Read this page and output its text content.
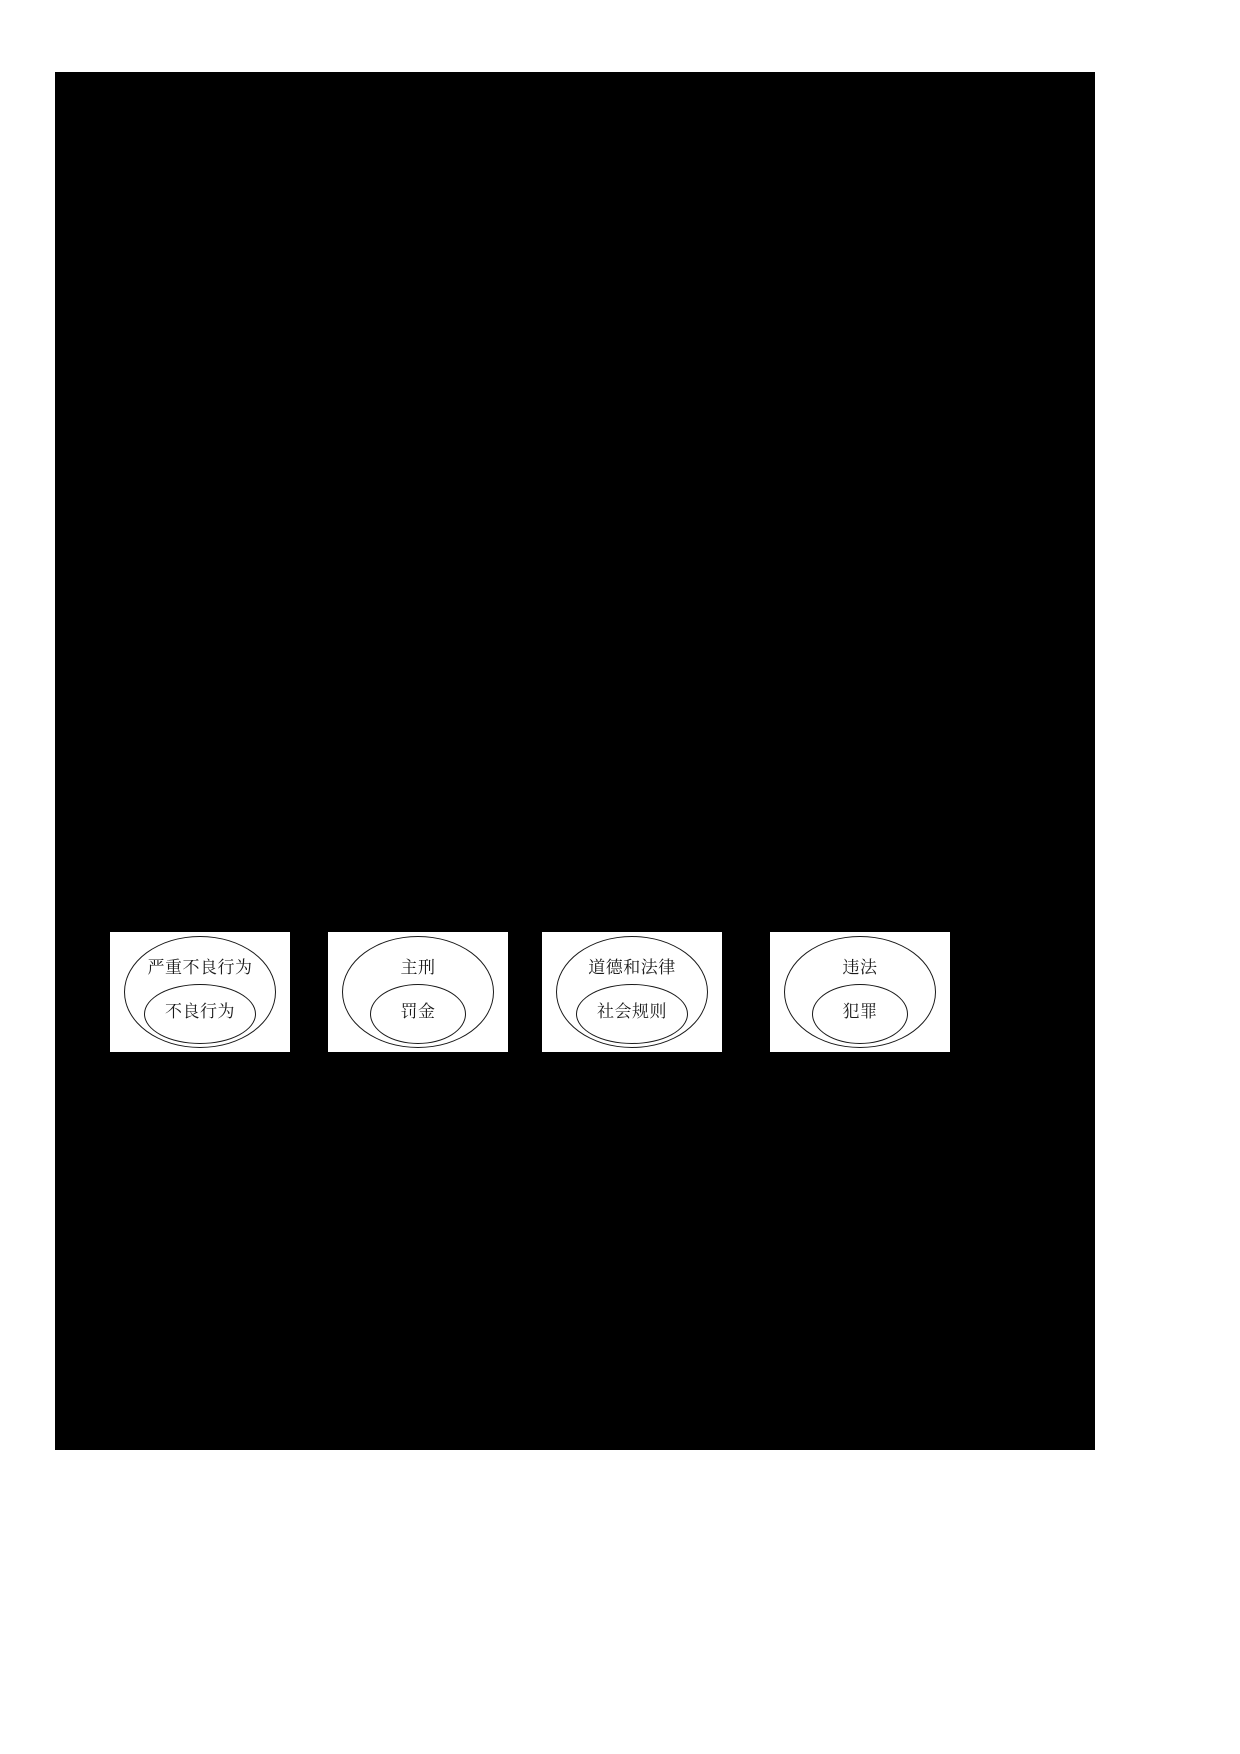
严重不良行为
不良行为
主刑
罚金
道德和法律
社会规则
违法
犯罪
